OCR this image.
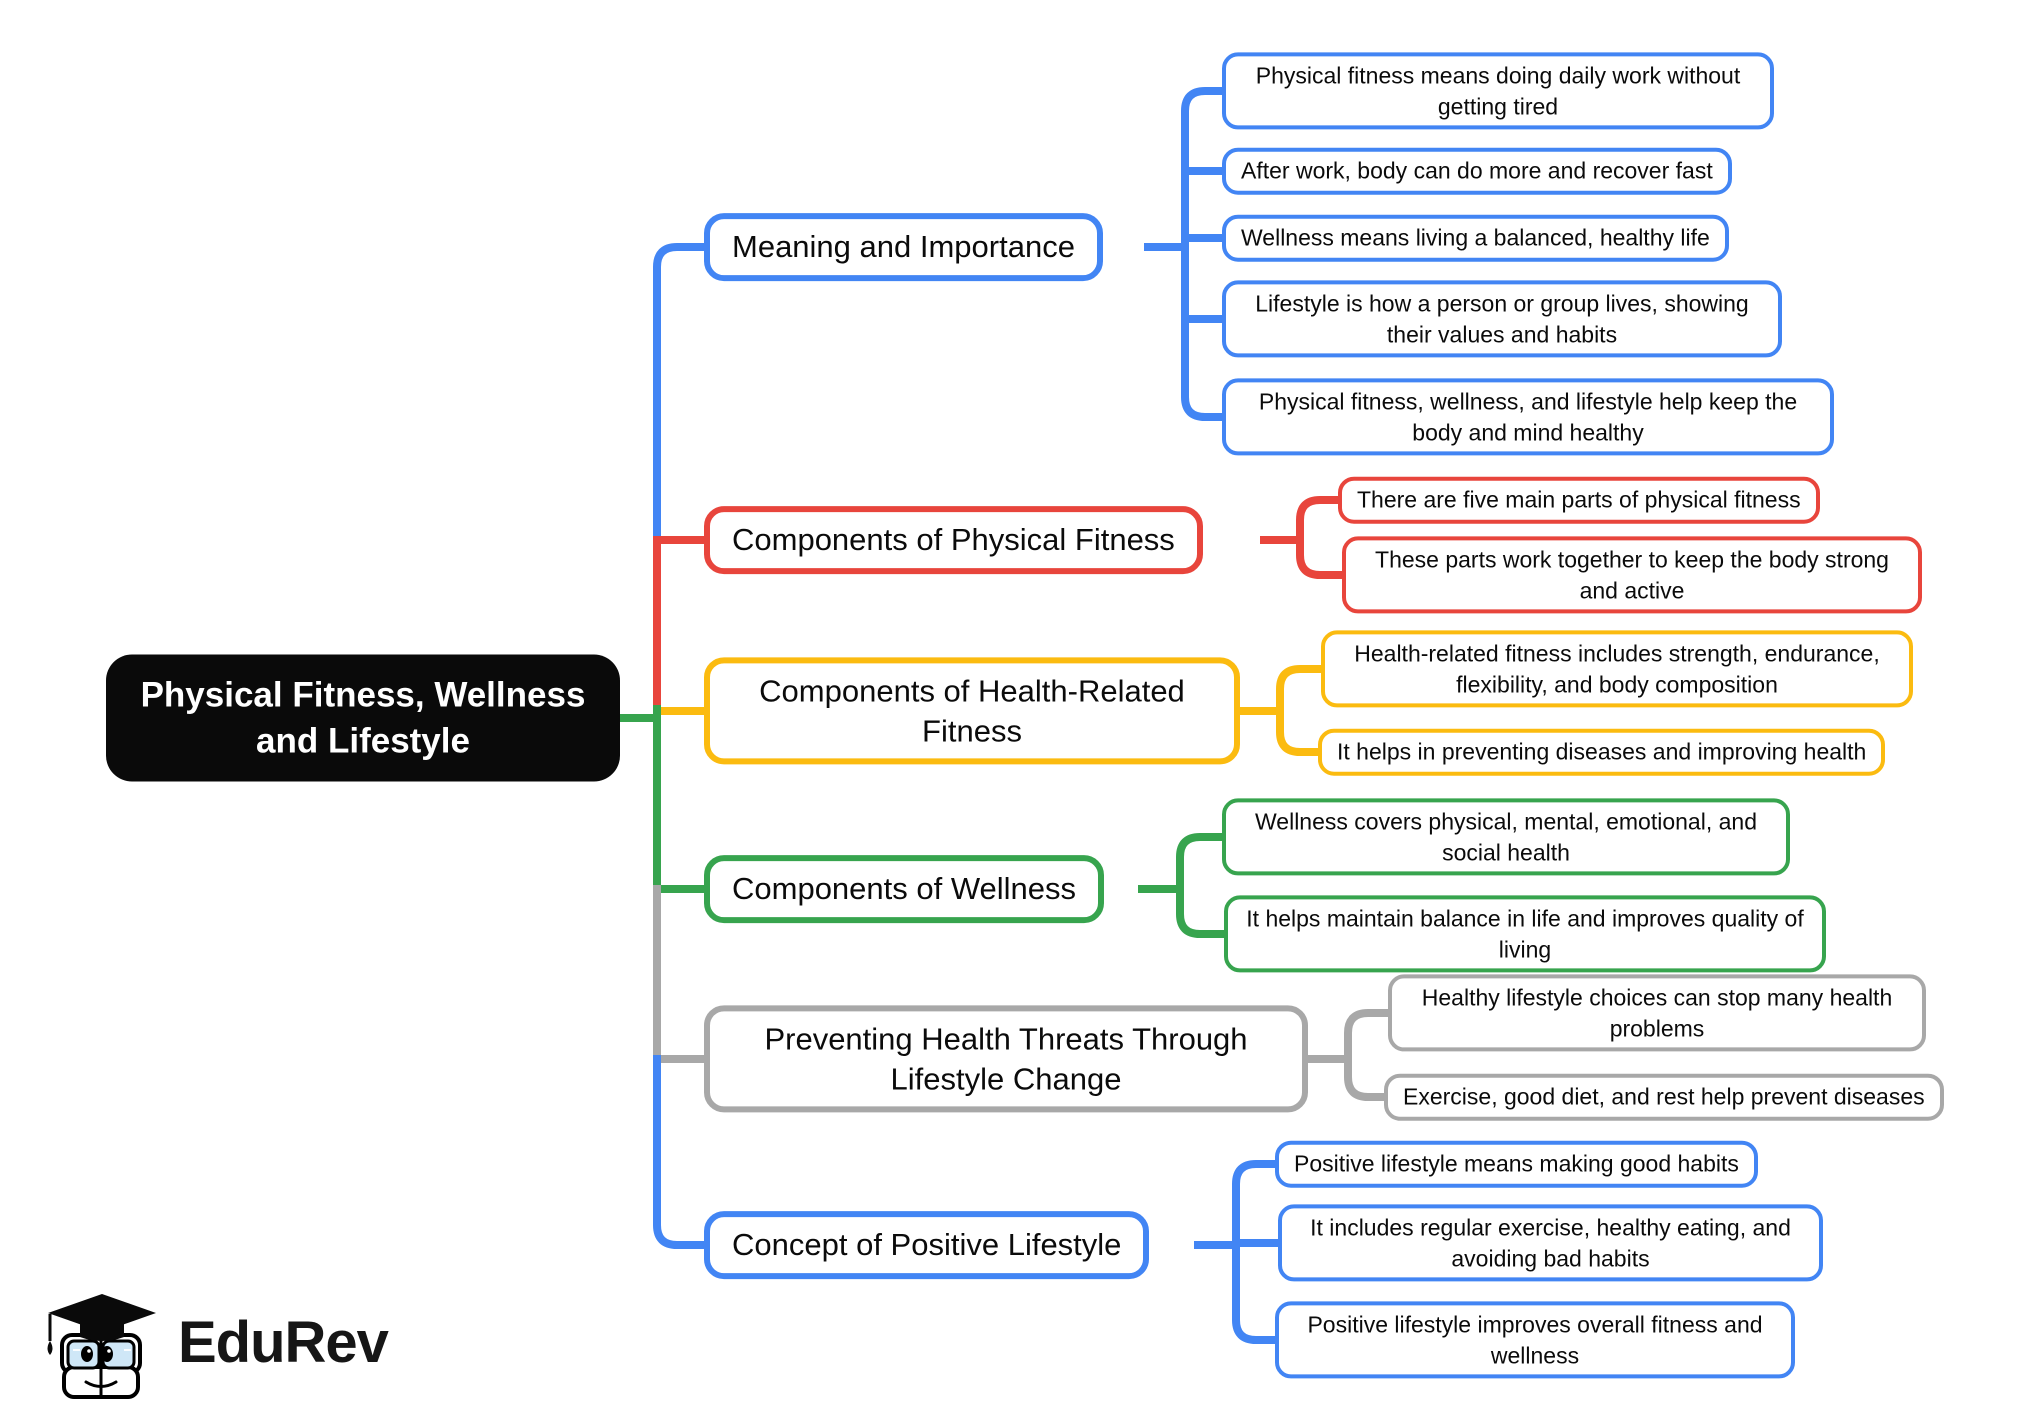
Physical Fitness, Wellness and Lifestyle
Meaning and Importance
Components of Physical Fitness
Components of Health-Related Fitness
Components of Wellness
Preventing Health Threats Through Lifestyle Change
Concept of Positive Lifestyle
Physical fitness means doing daily work without getting tired
After work, body can do more and recover fast
Wellness means living a balanced, healthy life
Lifestyle is how a person or group lives, showing their values and habits
Physical fitness, wellness, and lifestyle help keep the body and mind healthy
There are five main parts of physical fitness
These parts work together to keep the body strong and active
Health-related fitness includes strength, endurance, flexibility, and body composition
It helps in preventing diseases and improving health
Wellness covers physical, mental, emotional, and social health
It helps maintain balance in life and improves quality of living
Healthy lifestyle choices can stop many health problems
Exercise, good diet, and rest help prevent diseases
Positive lifestyle means making good habits
It includes regular exercise, healthy eating, and avoiding bad habits
Positive lifestyle improves overall fitness and wellness
EduRev
